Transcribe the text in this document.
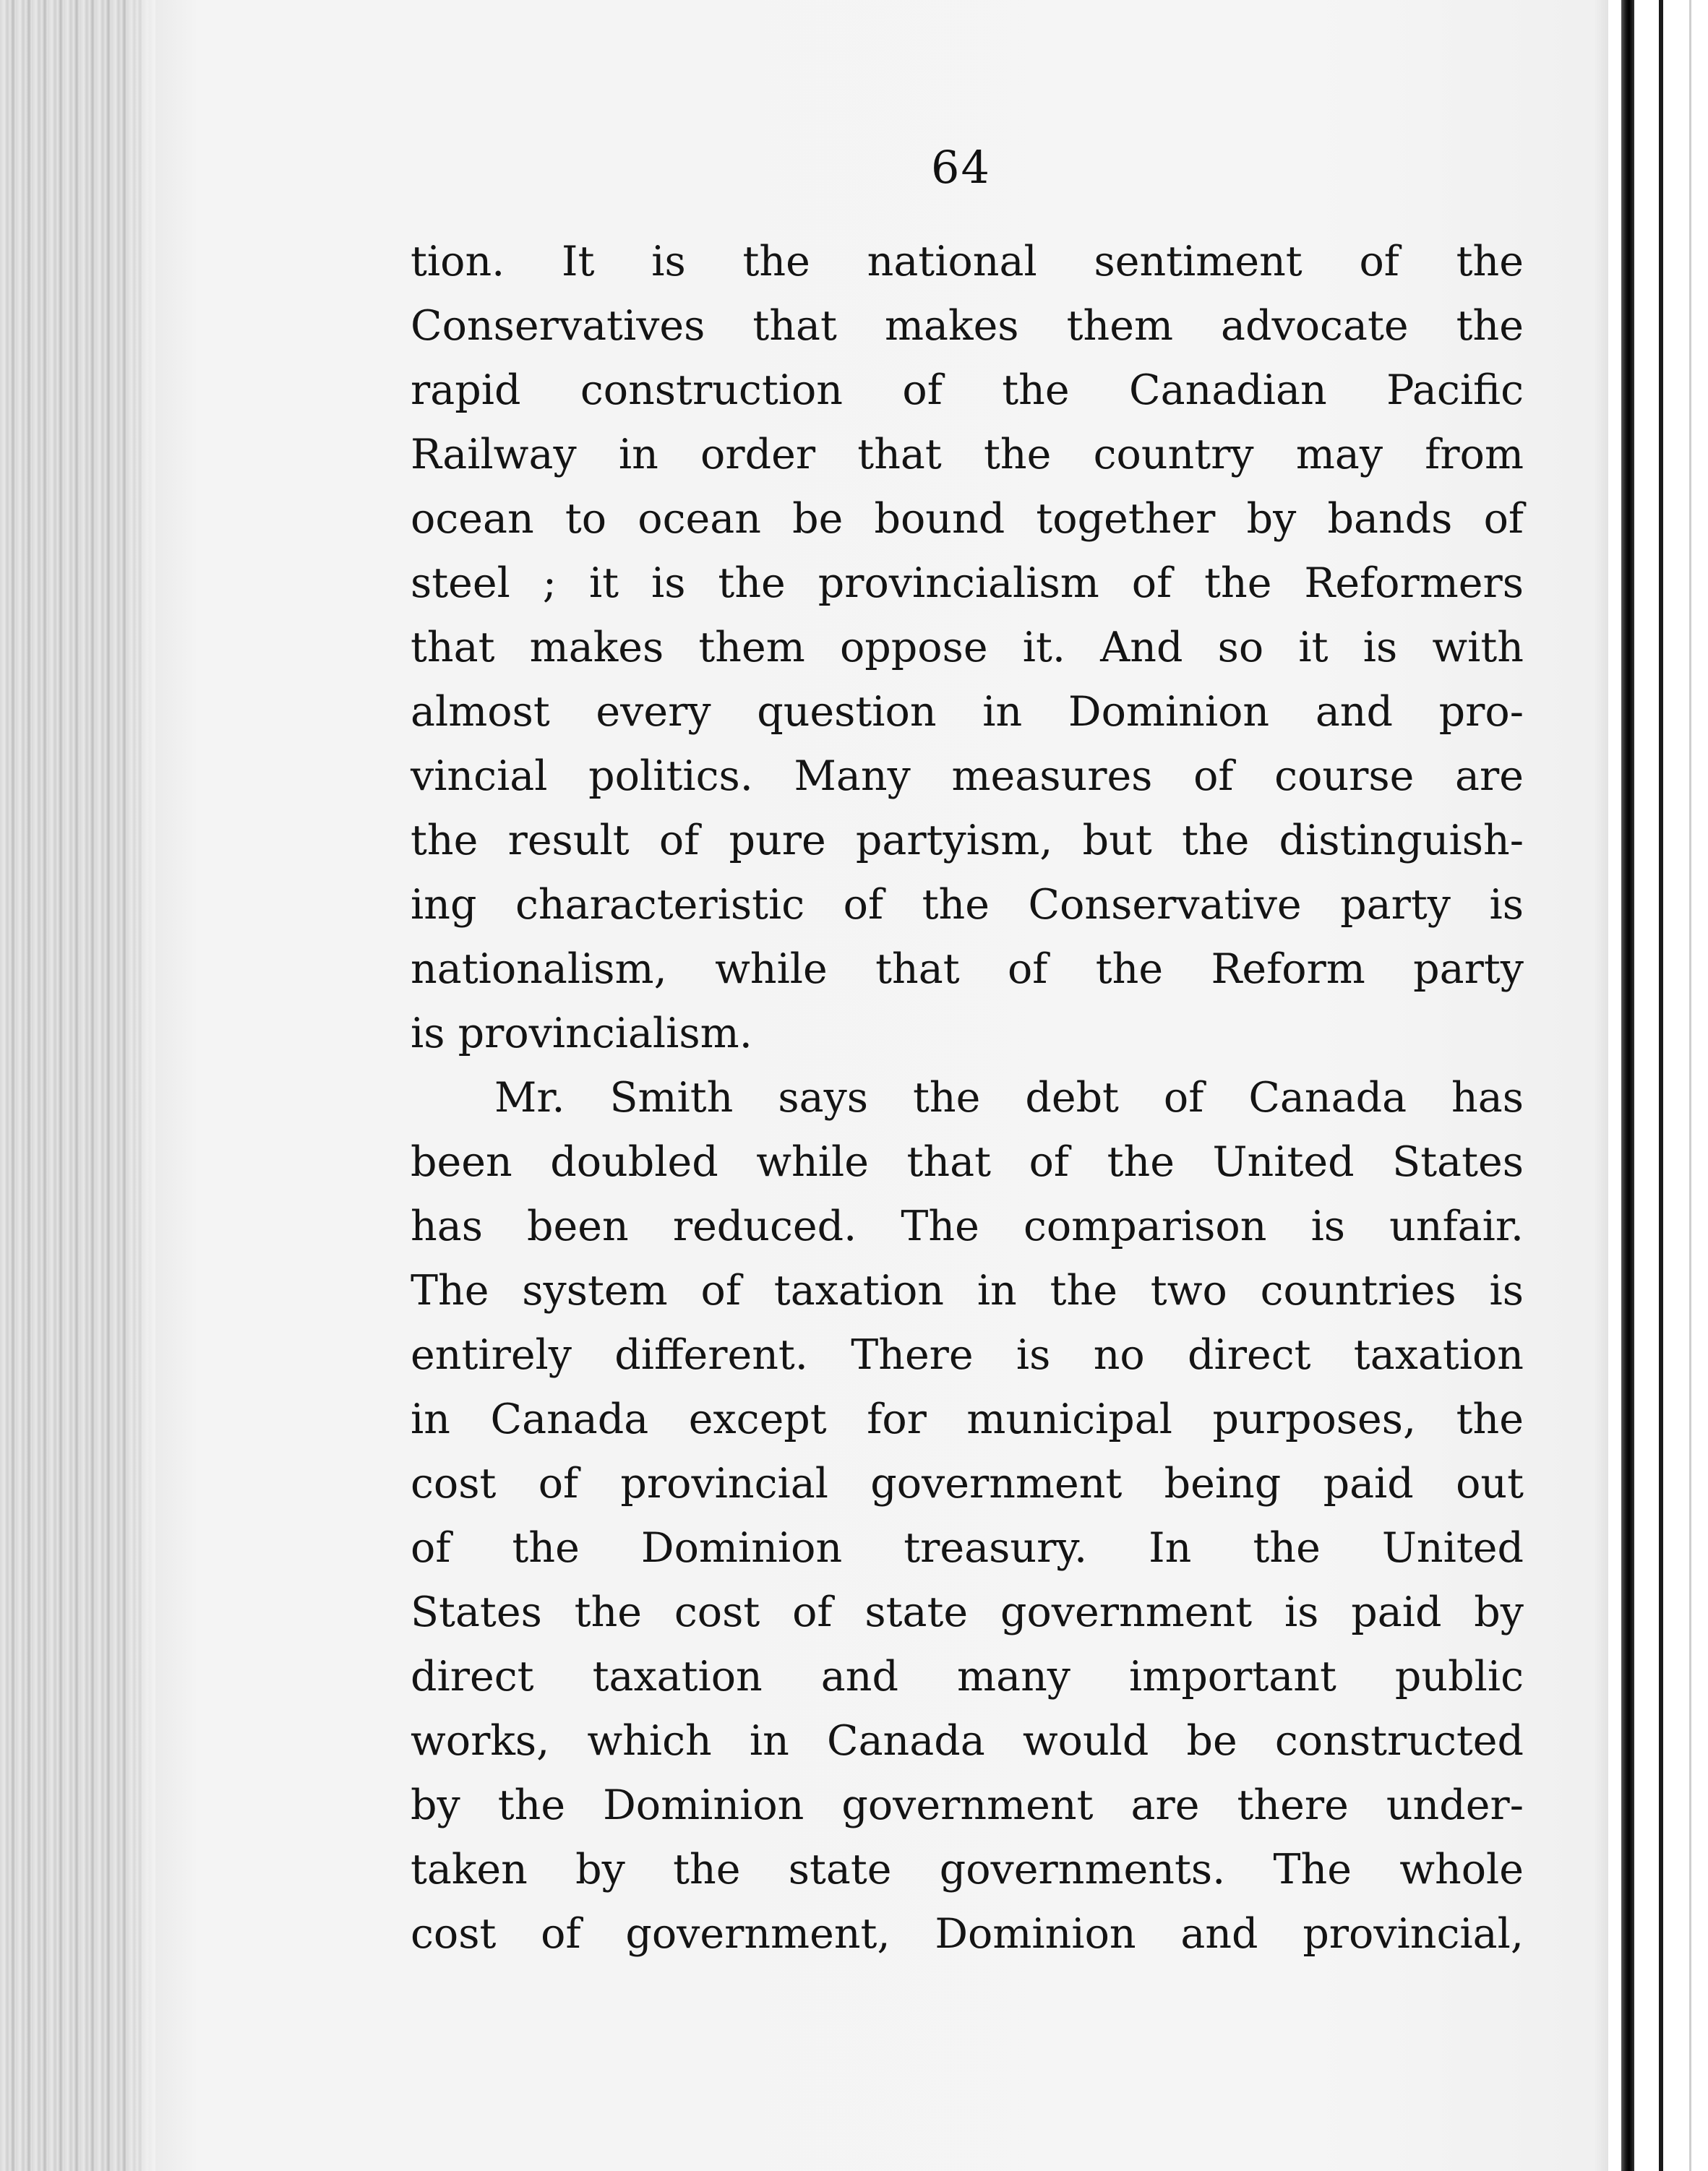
64
tion. It is the national sentiment of the
Conservatives that makes them advocate the
rapid construction of the Canadian Pacific
Railway in order that the country may from
ocean to ocean be bound together by bands of
steel ; it is the provincialism of the Reformers
that makes them oppose it. And so it is with
almost every question in Dominion and pro-
vincial politics. Many measures of course are
the result of pure partyism, but the distinguish-
ing characteristic of the Conservative party is
nationalism, while that of the Reform party
is provincialism.
Mr. Smith says the debt of Canada has
been doubled while that of the United States
has been reduced. The comparison is unfair.
The system of taxation in the two countries is
entirely different. There is no direct taxation
in Canada except for municipal purposes, the
cost of provincial government being paid out
of the Dominion treasury. In the United
States the cost of state government is paid by
direct taxation and many important public
works, which in Canada would be constructed
by the Dominion government are there under-
taken by the state governments. The whole
cost of government, Dominion and provincial,
